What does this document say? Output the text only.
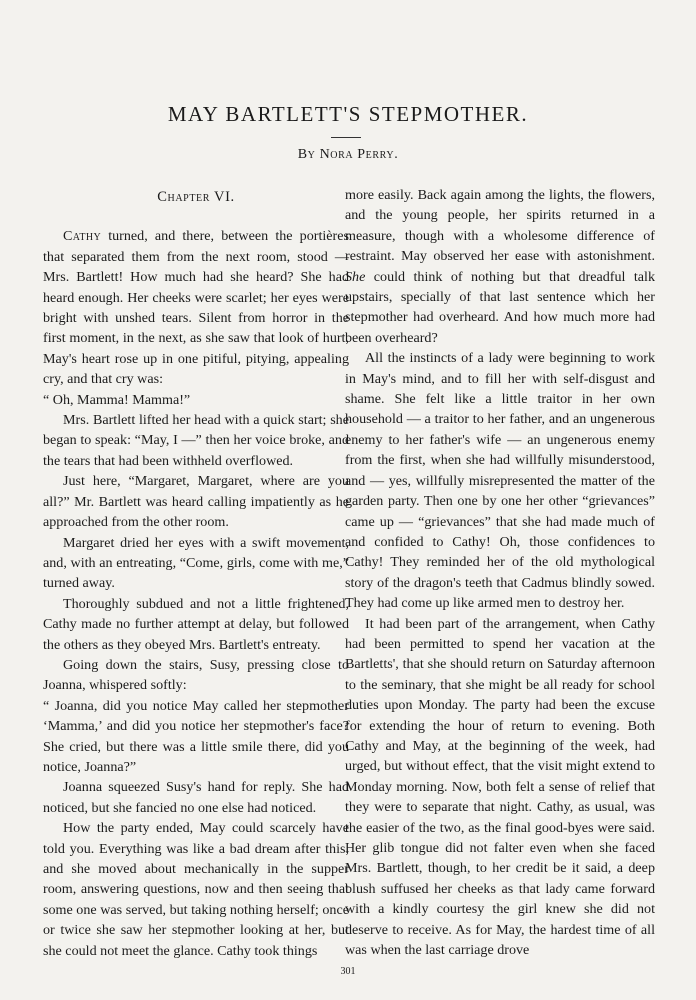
MAY BARTLETT'S STEPMOTHER.
By Nora Perry.
Chapter VI.

Cathy turned, and there, between the portières that separated them from the next room, stood — Mrs. Bartlett! How much had she heard? She had heard enough. Her cheeks were scarlet; her eyes were bright with unshed tears. Silent from horror in the first moment, in the next, as she saw that look of hurt, May's heart rose up in one pitiful, pitying, appealing cry, and that cry was:

“ Oh, Mamma! Mamma!”

Mrs. Bartlett lifted her head with a quick start; she began to speak: “May, I —” then her voice broke, and the tears that had been withheld overflowed.

Just here, “Margaret, Margaret, where are you all?” Mr. Bartlett was heard calling impatiently as he approached from the other room.

Margaret dried her eyes with a swift movement, and, with an entreating, “Come, girls, come with me,” turned away.

Thoroughly subdued and not a little frightened, Cathy made no further attempt at delay, but followed the others as they obeyed Mrs. Bartlett's entreaty.

Going down the stairs, Susy, pressing close to Joanna, whispered softly:

“ Joanna, did you notice May called her stepmother ‘Mamma,’ and did you notice her stepmother's face? She cried, but there was a little smile there, did you notice, Joanna?”

Joanna squeezed Susy's hand for reply. She had noticed, but she fancied no one else had noticed.

How the party ended, May could scarcely have told you. Everything was like a bad dream after this, and she moved about mechanically in the supper room, answering questions, now and then seeing that some one was served, but taking nothing herself; once or twice she saw her stepmother looking at her, but she could not meet the glance. Cathy took things

more easily. Back again among the lights, the flowers, and the young people, her spirits returned in a measure, though with a wholesome difference of restraint. May observed her ease with astonishment. She could think of nothing but that dreadful talk upstairs, specially of that last sentence which her stepmother had overheard. And how much more had been overheard?

All the instincts of a lady were beginning to work in May's mind, and to fill her with self-disgust and shame. She felt like a little traitor in her own household — a traitor to her father, and an ungenerous enemy to her father's wife — an ungenerous enemy from the first, when she had willfully misunderstood, and — yes, willfully misrepresented the matter of the garden party. Then one by one her other “grievances” came up — “grievances” that she had made much of and confided to Cathy! Oh, those confidences to Cathy! They reminded her of the old mythological story of the dragon's teeth that Cadmus blindly sowed. They had come up like armed men to destroy her.

It had been part of the arrangement, when Cathy had been permitted to spend her vacation at the Bartletts', that she should return on Saturday afternoon to the seminary, that she might be all ready for school duties upon Monday. The party had been the excuse for extending the hour of return to evening. Both Cathy and May, at the beginning of the week, had urged, but without effect, that the visit might extend to Monday morning. Now, both felt a sense of relief that they were to separate that night. Cathy, as usual, was the easier of the two, as the final good-byes were said. Her glib tongue did not falter even when she faced Mrs. Bartlett, though, to her credit be it said, a deep blush suffused her cheeks as that lady came forward with a kindly courtesy the girl knew she did not deserve to receive. As for May, the hardest time of all was when the last carriage drove

301
